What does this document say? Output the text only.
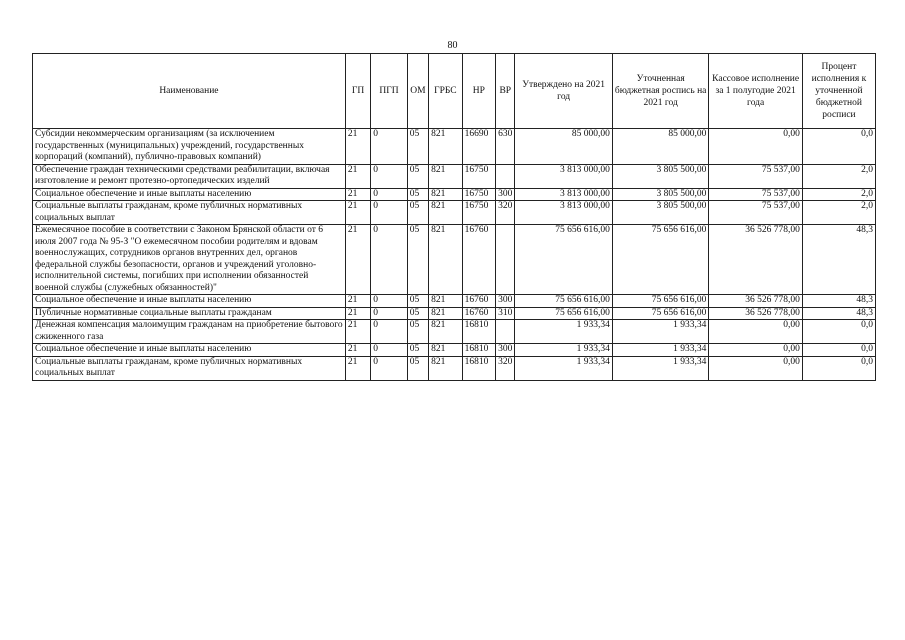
80
Наименование	ГП	ПГП	ОМ	ГРБС	НР	ВР	Утверждено на 2021 год	Уточненная бюджетная роспись на 2021 год	Кассовое исполнение за 1 полугодие 2021 года	Процент исполнения к уточненной бюджетной росписи
Субсидии некоммерческим организациям (за исключением государственных (муниципальных) учреждений, государственных корпораций (компаний), публично-правовых компаний)	21	0	05	821	16690	630	85 000,00	85 000,00	0,00	0,0
Обеспечение граждан техническими средствами реабилитации, включая изготовление и ремонт протезно-ортопедических изделий	21	0	05	821	16750		3 813 000,00	3 805 500,00	75 537,00	2,0
Социальное обеспечение и иные выплаты населению	21	0	05	821	16750	300	3 813 000,00	3 805 500,00	75 537,00	2,0
Социальные выплаты гражданам, кроме публичных нормативных социальных выплат	21	0	05	821	16750	320	3 813 000,00	3 805 500,00	75 537,00	2,0
Ежемесячное пособие в соответствии с Законом Брянской области от 6 июля 2007 года № 95-З "О ежемесячном пособии родителям и вдовам военнослужащих, сотрудников органов внутренних дел, органов федеральной службы безопасности, органов и учреждений уголовно-исполнительной системы, погибших при исполнении обязанностей военной службы (служебных обязанностей)"	21	0	05	821	16760		75 656 616,00	75 656 616,00	36 526 778,00	48,3
Социальное обеспечение и иные выплаты населению	21	0	05	821	16760	300	75 656 616,00	75 656 616,00	36 526 778,00	48,3
Публичные нормативные социальные выплаты гражданам	21	0	05	821	16760	310	75 656 616,00	75 656 616,00	36 526 778,00	48,3
Денежная компенсация малоимущим гражданам на приобретение бытового сжиженного газа	21	0	05	821	16810		1 933,34	1 933,34	0,00	0,0
Социальное обеспечение и иные выплаты населению	21	0	05	821	16810	300	1 933,34	1 933,34	0,00	0,0
Социальные выплаты гражданам, кроме публичных нормативных социальных выплат	21	0	05	821	16810	320	1 933,34	1 933,34	0,00	0,0
